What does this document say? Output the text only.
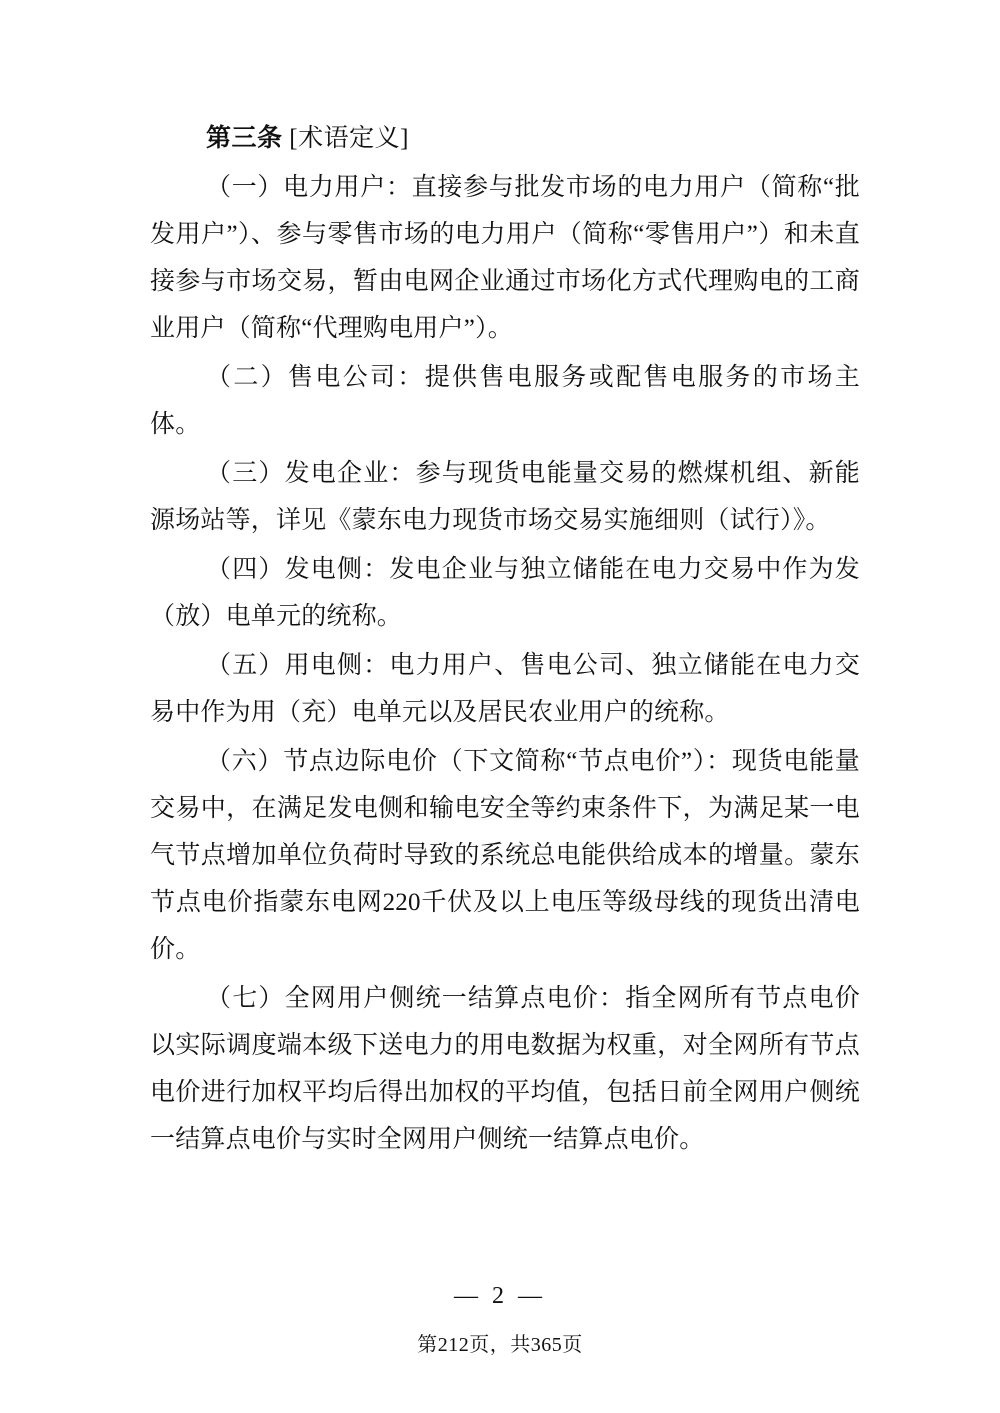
第三条 [术语定义]

（一）电力用户：直接参与批发市场的电力用户（简称“批发用户”）、参与零售市场的电力用户（简称“零售用户”）和未直接参与市场交易，暂由电网企业通过市场化方式代理购电的工商业用户（简称“代理购电用户”）。

（二）售电公司：提供售电服务或配售电服务的市场主体。

（三）发电企业：参与现货电能量交易的燃煤机组、新能源场站等，详见《蒙东电力现货市场交易实施细则（试行）》。

（四）发电侧：发电企业与独立储能在电力交易中作为发（放）电单元的统称。

（五）用电侧：电力用户、售电公司、独立储能在电力交易中作为用（充）电单元以及居民农业用户的统称。

（六）节点边际电价（下文简称“节点电价”）：现货电能量交易中，在满足发电侧和输电安全等约束条件下，为满足某一电气节点增加单位负荷时导致的系统总电能供给成本的增量。蒙东节点电价指蒙东电网220千伏及以上电压等级母线的现货出清电价。

（七）全网用户侧统一结算点电价：指全网所有节点电价以实际调度端本级下送电力的用电数据为权重，对全网所有节点电价进行加权平均后得出加权的平均值，包括日前全网用户侧统一结算点电价与实时全网用户侧统一结算点电价。

— 2 —
第212页，共365页
